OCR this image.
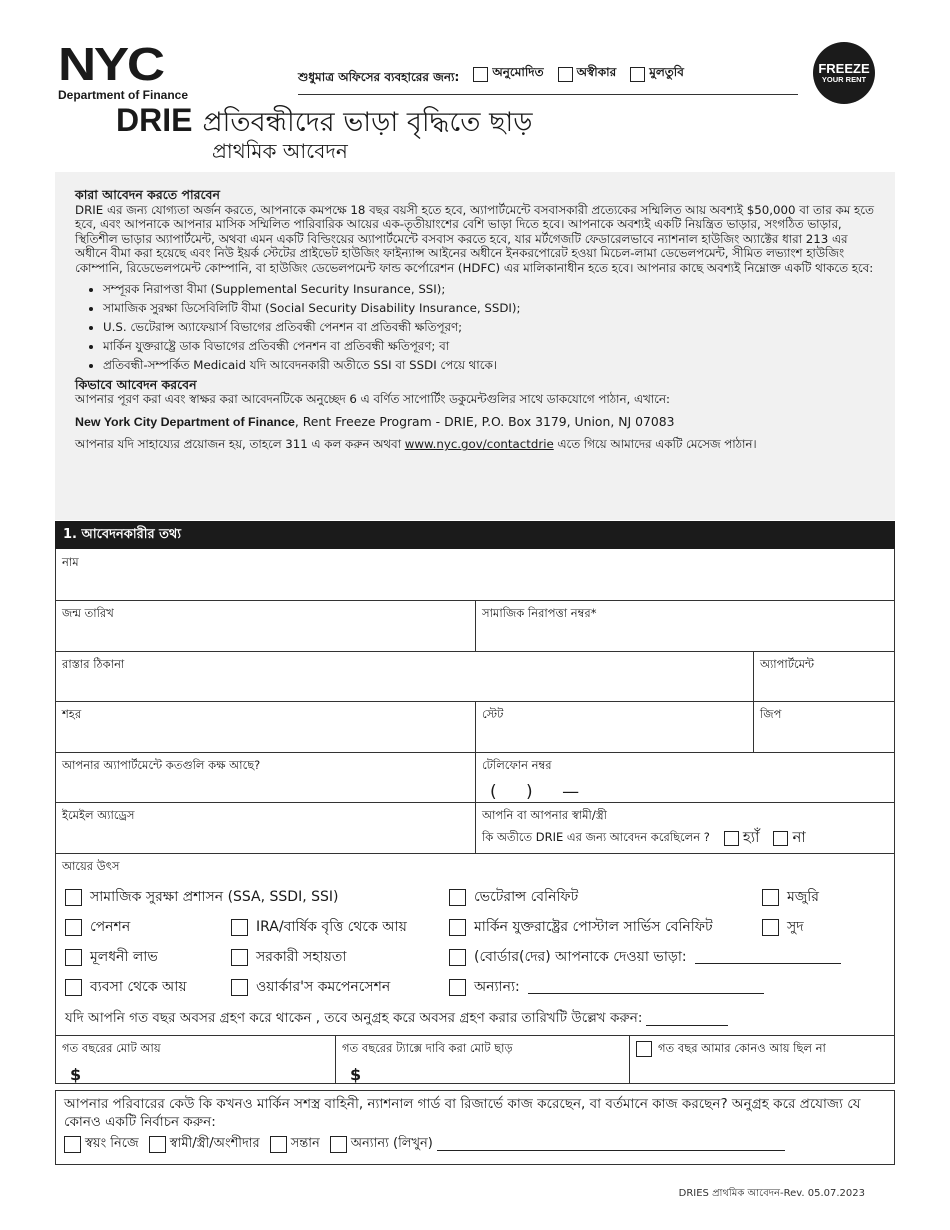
NYC
Department of Finance
শুধুমাত্র অফিসের ব্যবহারের জন্য:	অনুমোদিত	অস্বীকার	মুলতুবি	FREEZE
YOUR RENT
DRIE প্রতিবন্ধীদের ভাড়া বৃদ্ধিতে ছাড়
প্রাথমিক আবেদন
কারা আবেদন করতে পারবেন

DRIE এর জন্য যোগ্যতা অর্জন করতে, আপনাকে কমপক্ষে 18 বছর বয়সী হতে হবে, অ্যাপার্টমেন্টে বসবাসকারী প্রত্যেকের সম্মিলিত আয় অবশ্যই $50,000 বা তার কম হতে হবে, এবং আপনাকে আপনার মাসিক সম্মিলিত পারিবারিক আয়ের এক-তৃতীয়াংশের বেশি ভাড়া দিতে হবে। আপনাকে অবশ্যই একটি নিয়ন্ত্রিত ভাড়ার, সংগঠিত ভাড়ার, স্থিতিশীল ভাড়ার অ্যাপার্টমেন্ট, অথবা এমন একটি বিল্ডিংয়ের অ্যাপার্টমেন্টে বসবাস করতে হবে, যার মর্টগেজটি ফেডারেলভাবে ন্যাশনাল হাউজিং অ্যাক্টের ধারা 213 এর অধীনে বীমা করা হয়েছে এবং নিউ ইয়র্ক স্টেটের প্রাইভেট হাউজিং ফাইন্যান্স আইনের অধীনে ইনকরপোরেট হওয়া মিচেল-লামা ডেভেলপমেন্ট, সীমিত লভ্যাংশ হাউজিং কোম্পানি, রিডেভেলপমেন্ট কোম্পানি, বা হাউজিং ডেভেলপমেন্ট ফান্ড কর্পোরেশন (HDFC) এর মালিকানাধীন হতে হবে। আপনার কাছে অবশ্যই নিম্নোক্ত একটি থাকতে হবে:

• সম্পূরক নিরাপত্তা বীমা (Supplemental Security Insurance, SSI);
• সামাজিক সুরক্ষা ডিসেবিলিটি বীমা (Social Security Disability Insurance, SSDI);
• U.S. ভেটেরান্স অ্যাফেয়ার্স বিভাগের প্রতিবন্ধী পেনশন বা প্রতিবন্ধী ক্ষতিপূরণ;
• মার্কিন যুক্তরাষ্ট্রে ডাক বিভাগের প্রতিবন্ধী পেনশন বা প্রতিবন্ধী ক্ষতিপূরণ; বা
• প্রতিবন্ধী-সম্পর্কিত Medicaid যদি আবেদনকারী অতীতে SSI বা SSDI পেয়ে থাকে।
কিভাবে আবেদন করবেন

আপনার পূরণ করা এবং স্বাক্ষর করা আবেদনটিকে অনুচ্ছেদ 6 এ বর্ণিত সাপোর্টিং ডকুমেন্টগুলির সাথে ডাকযোগে পাঠান, এখানে:

New York City Department of Finance, Rent Freeze Program - DRIE, P.O. Box 3179, Union, NJ 07083

আপনার যদি সাহায্যের প্রয়োজন হয়, তাহলে 311 এ কল করুন অথবা www.nyc.gov/contactdrie এতে গিয়ে আমাদের একটি মেসেজ পাঠান।

1. আবেদনকারীর তথ্য
নাম
জন্ম তারিখ	সামাজিক নিরাপত্তা নম্বর*
রাস্তার ঠিকানা	অ্যাপার্টমেন্ট
শহর	স্টেট	জিপ
আপনার অ্যাপার্টমেন্টে কতগুলি কক্ষ আছে?	টেলিফোন নম্বর
( ) —
ইমেইল অ্যাড্রেস	আপনি বা আপনার স্বামী/স্ত্রী
কি অতীতে DRIE এর জন্য আবেদন করেছিলেন ? হ্যাঁ না
আয়ের উৎস
সামাজিক সুরক্ষা প্রশাসন (SSA, SSDI, SSI)	ভেটেরান্স বেনিফিট	মজুরি
পেনশন	IRA/বার্ষিক বৃত্তি থেকে আয়	মার্কিন যুক্তরাষ্ট্রের পোস্টাল সার্ভিস বেনিফিট	সুদ
মূলধনী লাভ	সরকারী সহায়তা	(বোর্ডার(দের) আপনাকে দেওয়া ভাড়া:
ব্যবসা থেকে আয়	ওয়ার্কার'স কমপেনসেশন	অন্যান্য:
যদি আপনি গত বছর অবসর গ্রহণ করে থাকেন , তবে অনুগ্রহ করে অবসর গ্রহণ করার তারিখটি উল্লেখ করুন:
গত বছরের মোট আয়
$
গত বছরের ট্যাক্সে দাবি করা মোট ছাড়
$
গত বছর আমার কোনও আয় ছিল না
আপনার পরিবারের কেউ কি কখনও মার্কিন সশস্ত্র বাহিনী, ন্যাশনাল গার্ড বা রিজার্ভে কাজ করেছেন, বা বর্তমানে কাজ করছেন? অনুগ্রহ করে প্রযোজ্য যে কোনও একটি নির্বাচন করুন:
স্বয়ং নিজে স্বামী/স্ত্রী/অংশীদার সন্তান অন্যান্য (লিখুন)
DRIES প্রাথমিক আবেদন-Rev. 05.07.2023
